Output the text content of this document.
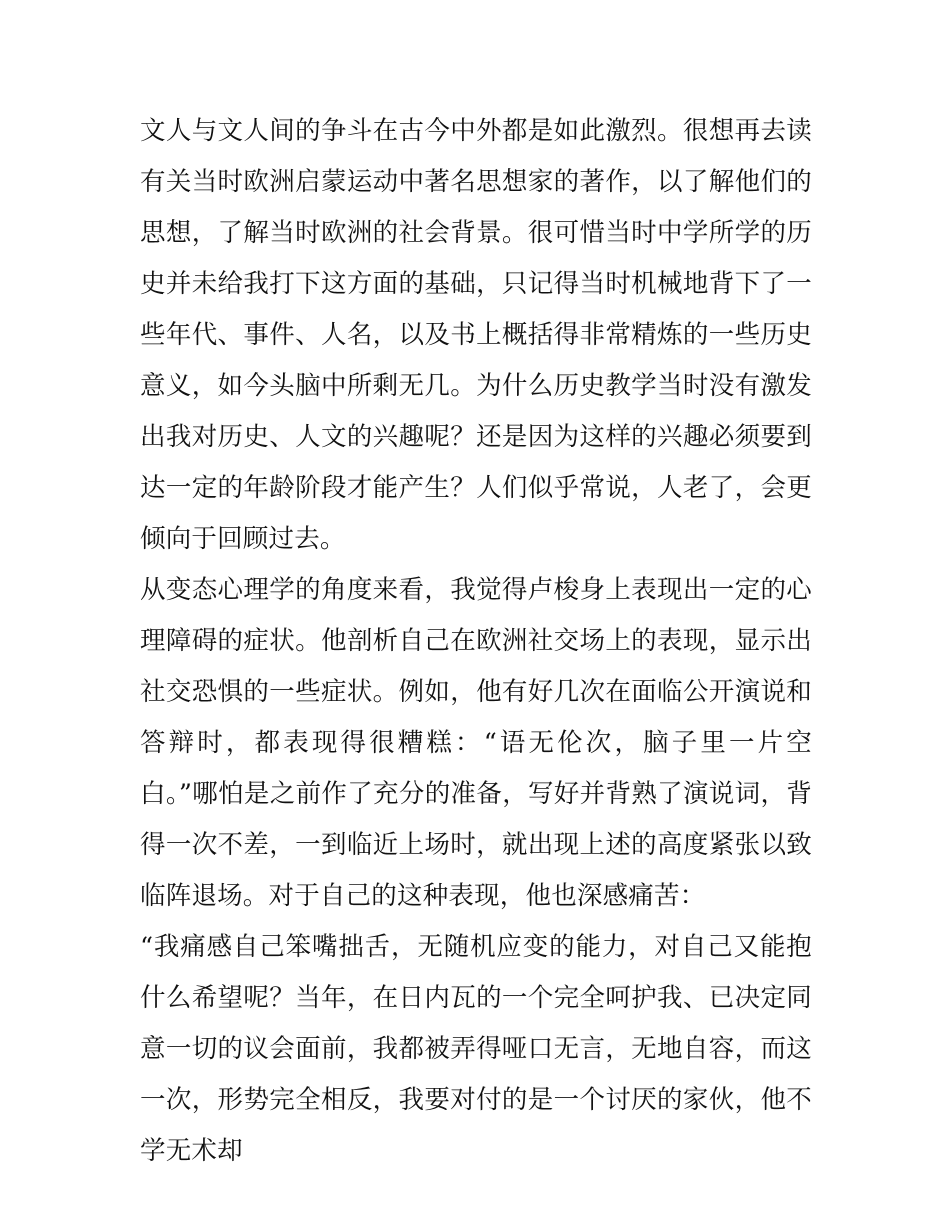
文人与文人间的争斗在古今中外都是如此激烈。很想再去读有关当时欧洲启蒙运动中著名思想家的著作，以了解他们的思想，了解当时欧洲的社会背景。很可惜当时中学所学的历史并未给我打下这方面的基础，只记得当时机械地背下了一些年代、事件、人名，以及书上概括得非常精炼的一些历史意义，如今头脑中所剩无几。为什么历史教学当时没有激发出我对历史、人文的兴趣呢？还是因为这样的兴趣必须要到达一定的年龄阶段才能产生？人们似乎常说，人老了，会更倾向于回顾过去。

从变态心理学的角度来看，我觉得卢梭身上表现出一定的心理障碍的症状。他剖析自己在欧洲社交场上的表现，显示出社交恐惧的一些症状。例如，他有好几次在面临公开演说和答辩时，都表现得很糟糕：“语无伦次，脑子里一片空白。”哪怕是之前作了充分的准备，写好并背熟了演说词，背得一次不差，一到临近上场时，就出现上述的高度紧张以致临阵退场。对于自己的这种表现，他也深感痛苦：

“我痛感自己笨嘴拙舌，无随机应变的能力，对自己又能抱什么希望呢？当年，在日内瓦的一个完全呵护我、已决定同意一切的议会面前，我都被弄得哑口无言，无地自容，而这一次，形势完全相反，我要对付的是一个讨厌的家伙，他不学无术却
